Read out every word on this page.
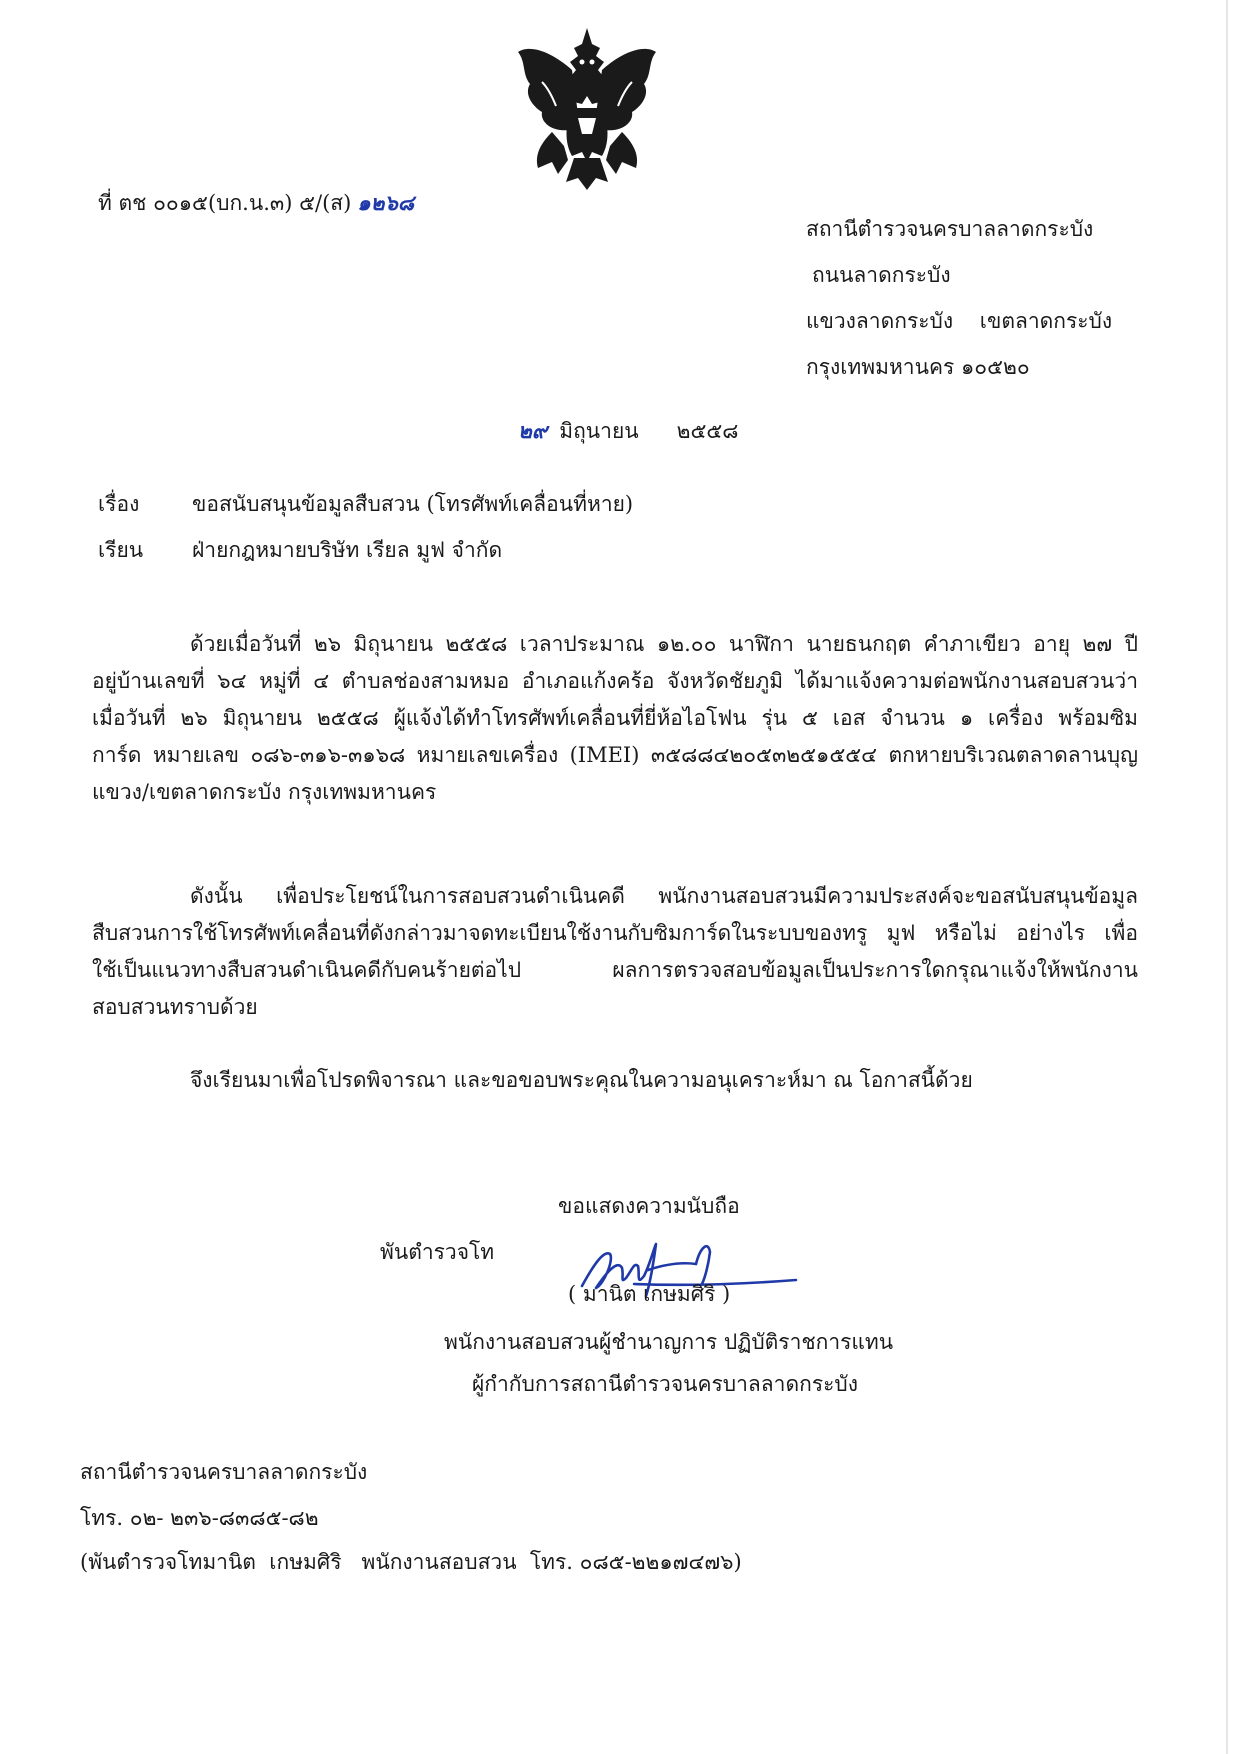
ที่ ตช ๐๐๑๕(บก.น.๓) ๕/(ส) ๑๒๖๘
สถานีตำรวจนครบาลลาดกระบัง
ถนนลาดกระบัง
แขวงลาดกระบัง    เขตลาดกระบัง
กรุงเทพมหานคร ๑๐๕๒๐
๒๙ มิถุนายน ๒๕๕๘
เรื่อง	ขอสนับสนุนข้อมูลสืบสวน (โทรศัพท์เคลื่อนที่หาย)
เรียน ฝ่ายกฎหมายบริษัท เรียล มูฟ จำกัด
ด้วยเมื่อวันที่ ๒๖ มิถุนายน ๒๕๕๘ เวลาประมาณ ๑๒.๐๐ นาฬิกา นายธนกฤต คำภาเขียว อายุ ๒๗ ปี
อยู่บ้านเลขที่ ๖๔ หมู่ที่ ๔ ตำบลช่องสามหมอ อำเภอแก้งคร้อ จังหวัดชัยภูมิ ได้มาแจ้งความต่อพนักงานสอบสวนว่า
เมื่อวันที่ ๒๖ มิถุนายน ๒๕๕๘ ผู้แจ้งได้ทำโทรศัพท์เคลื่อนที่ยี่ห้อไอโฟน รุ่น ๕ เอส จำนวน ๑ เครื่อง พร้อมซิม
การ์ด หมายเลข ๐๘๖-๓๑๖-๓๑๖๘ หมายเลขเครื่อง (IMEI) ๓๕๘๘๔๒๐๕๓๒๕๑๕๕๔ ตกหายบริเวณตลาดลานบุญ
แขวง/เขตลาดกระบัง กรุงเทพมหานคร
ดังนั้น เพื่อประโยชน์ในการสอบสวนดำเนินคดี พนักงานสอบสวนมีความประสงค์จะขอสนับสนุนข้อมูล
สืบสวนการใช้โทรศัพท์เคลื่อนที่ดังกล่าวมาจดทะเบียนใช้งานกับซิมการ์ดในระบบของทรู มูฟ หรือไม่ อย่างไร เพื่อ
ใช้เป็นแนวทางสืบสวนดำเนินคดีกับคนร้ายต่อไป ผลการตรวจสอบข้อมูลเป็นประการใดกรุณาแจ้งให้พนักงาน
สอบสวนทราบด้วย
จึงเรียนมาเพื่อโปรดพิจารณา และขอขอบพระคุณในความอนุเคราะห์มา ณ โอกาสนี้ด้วย
ขอแสดงความนับถือ
พันตำรวจโท
( มานิต เกษมศิริ )
พนักงานสอบสวนผู้ชำนาญการ ปฏิบัติราชการแทน
ผู้กำกับการสถานีตำรวจนครบาลลาดกระบัง
สถานีตำรวจนครบาลลาดกระบัง
โทร. ๐๒- ๒๓๖-๘๓๘๕-๘๒
(พันตำรวจโทมานิต  เกษมศิริ   พนักงานสอบสวน  โทร. ๐๘๕-๒๒๑๗๔๗๖)
